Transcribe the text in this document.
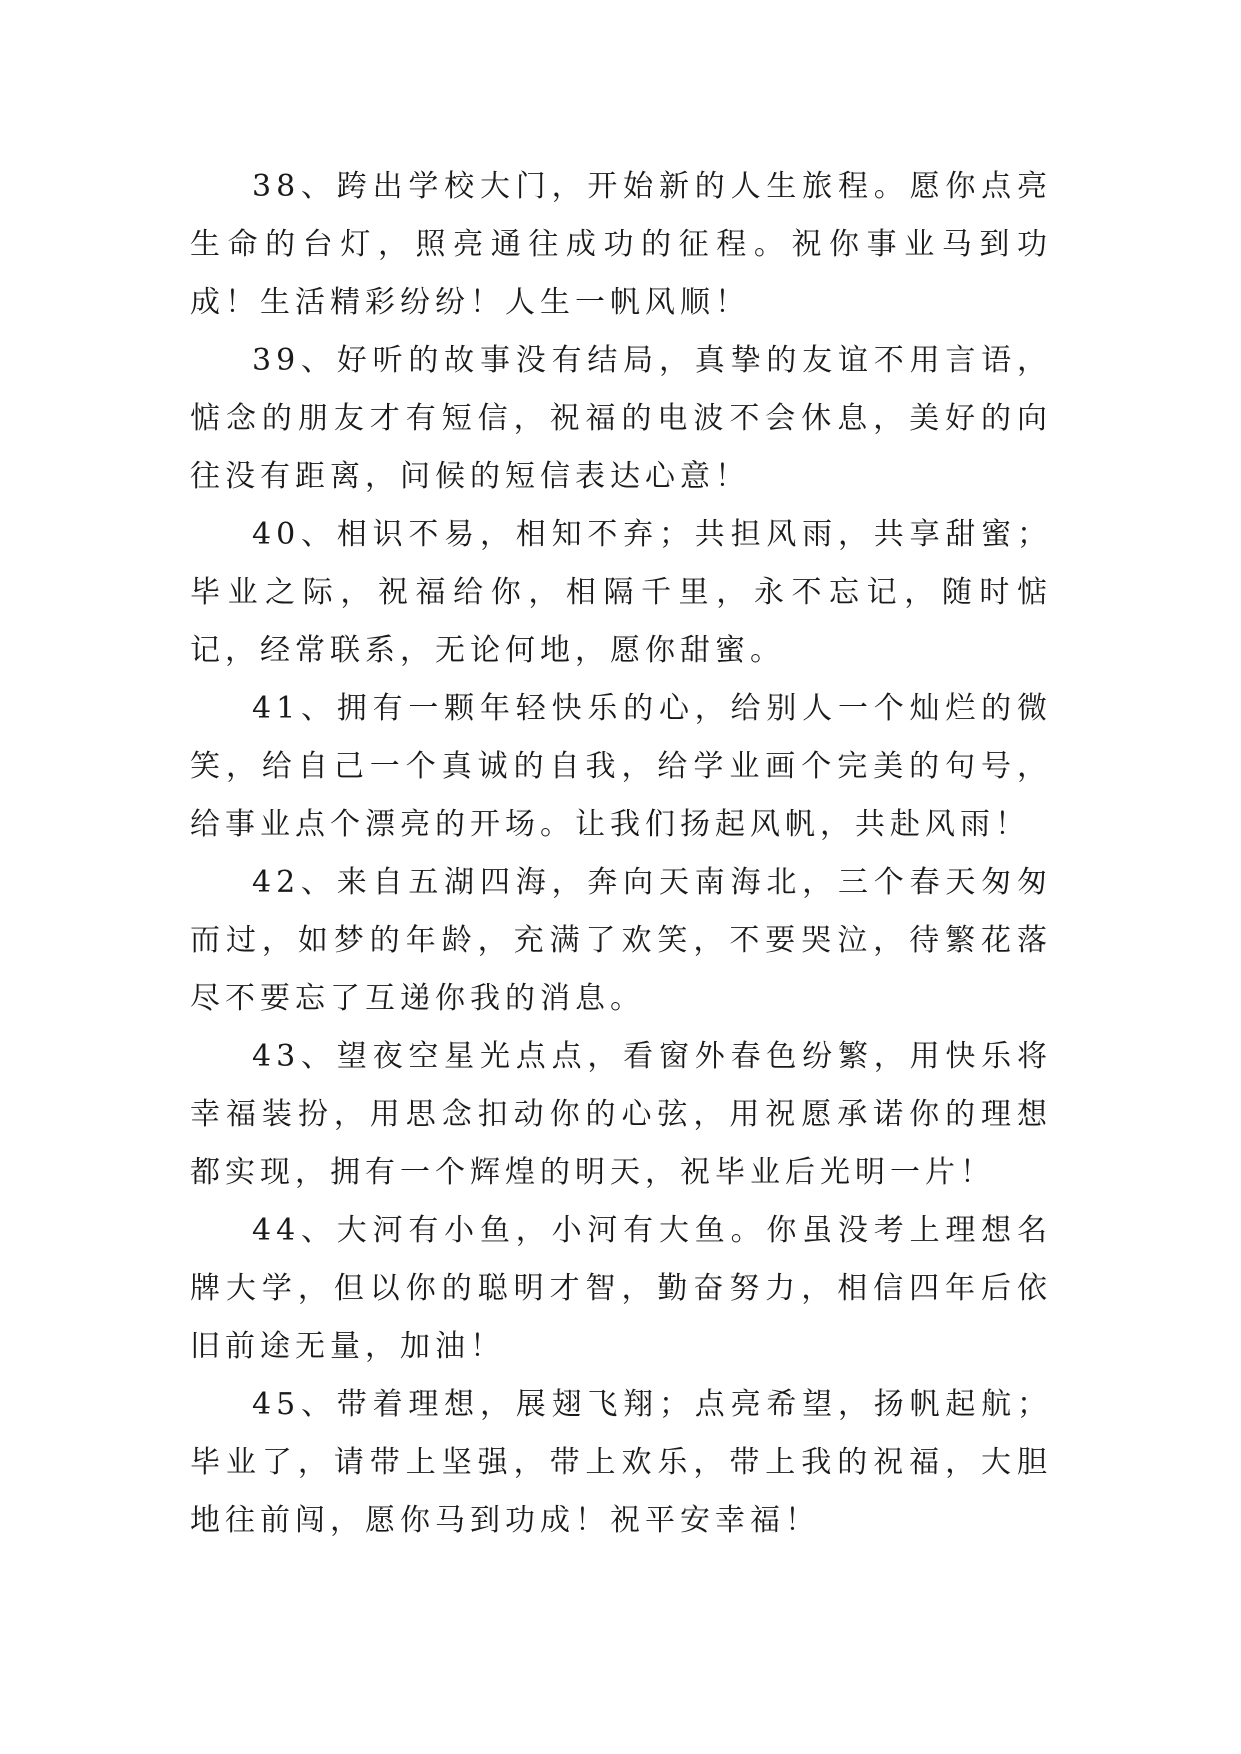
38、跨出学校大门，开始新的人生旅程。愿你点亮生命的台灯，照亮通往成功的征程。祝你事业马到功成！生活精彩纷纷！人生一帆风顺！

39、好听的故事没有结局，真挚的友谊不用言语，惦念的朋友才有短信，祝福的电波不会休息，美好的向往没有距离，问候的短信表达心意！

40、相识不易，相知不弃；共担风雨，共享甜蜜；毕业之际，祝福给你，相隔千里，永不忘记，随时惦记，经常联系，无论何地，愿你甜蜜。

41、拥有一颗年轻快乐的心，给别人一个灿烂的微笑，给自己一个真诚的自我，给学业画个完美的句号，给事业点个漂亮的开场。让我们扬起风帆，共赴风雨！

42、来自五湖四海，奔向天南海北，三个春天匆匆而过，如梦的年龄，充满了欢笑，不要哭泣，待繁花落尽不要忘了互递你我的消息。

43、望夜空星光点点，看窗外春色纷繁，用快乐将幸福装扮，用思念扣动你的心弦，用祝愿承诺你的理想都实现，拥有一个辉煌的明天，祝毕业后光明一片！

44、大河有小鱼，小河有大鱼。你虽没考上理想名牌大学，但以你的聪明才智，勤奋努力，相信四年后依旧前途无量，加油！

45、带着理想，展翅飞翔；点亮希望，扬帆起航；毕业了，请带上坚强，带上欢乐，带上我的祝福，大胆地往前闯，愿你马到功成！祝平安幸福！
